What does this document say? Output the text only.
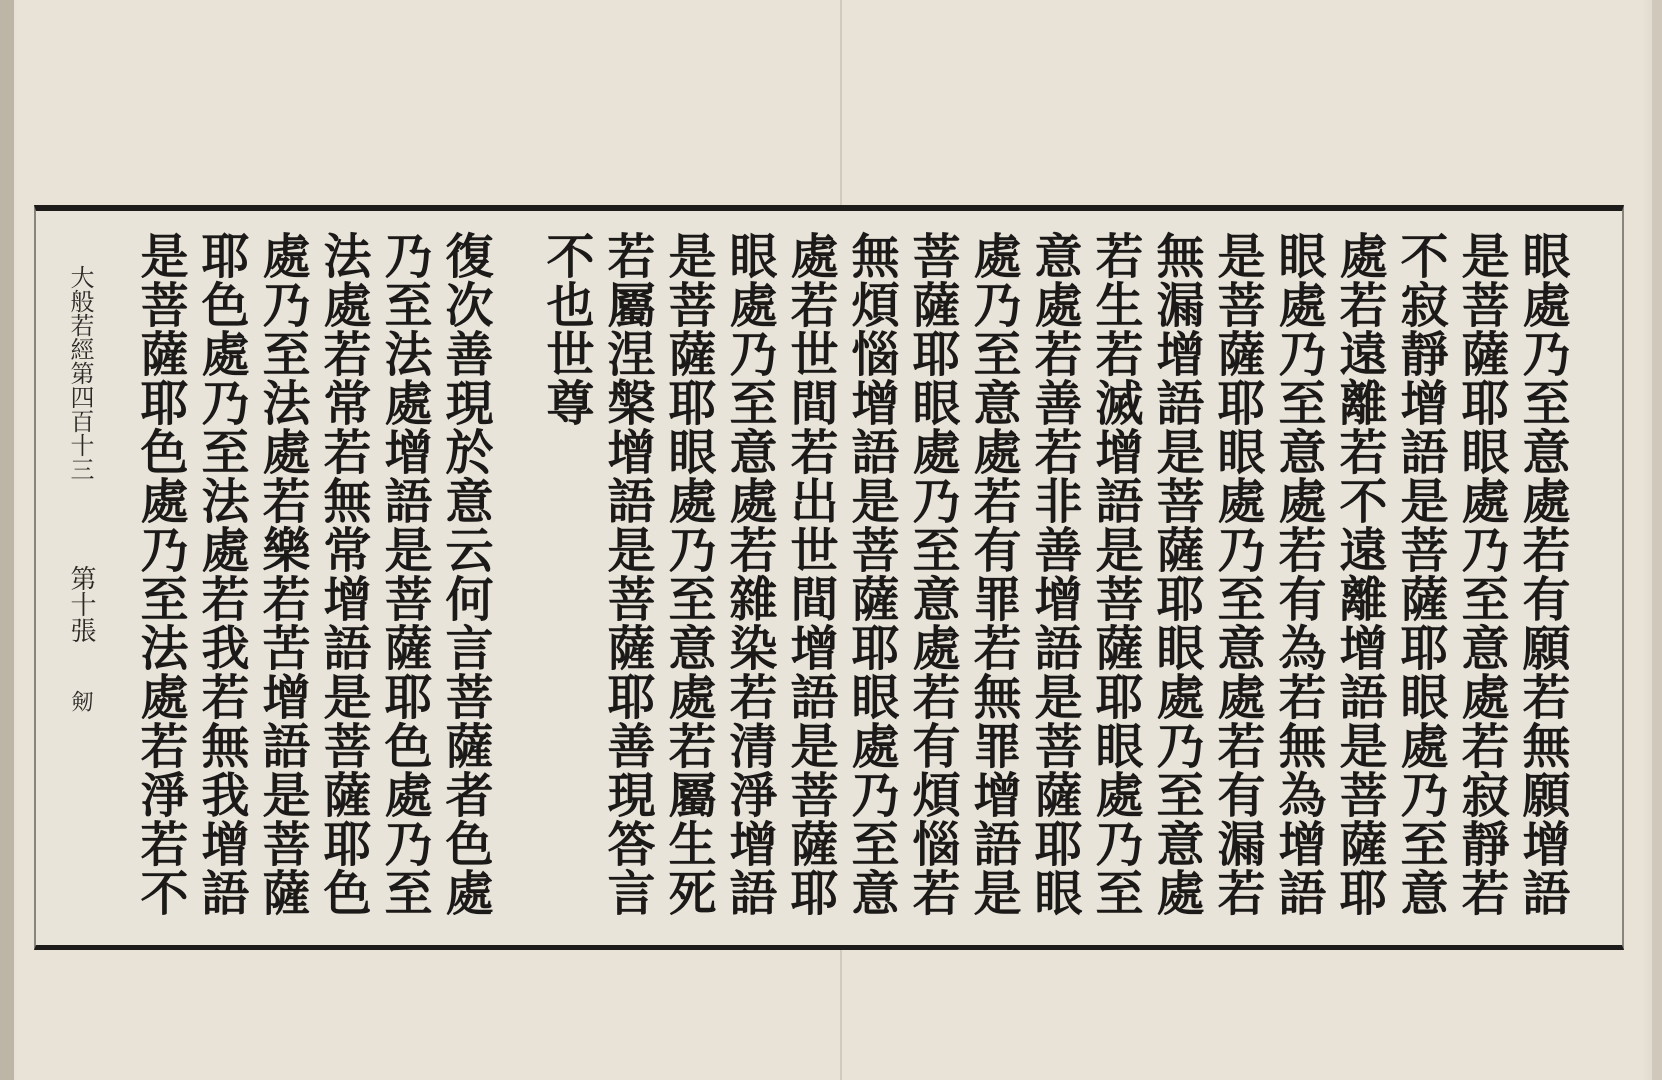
眼處乃至意處若有願若無願增語
是菩薩耶眼處乃至意處若寂靜若
不寂靜增語是菩薩耶眼處乃至意
處若遠離若不遠離增語是菩薩耶
眼處乃至意處若有為若無為增語
是菩薩耶眼處乃至意處若有漏若
無漏增語是菩薩耶眼處乃至意處
若生若滅增語是菩薩耶眼處乃至
意處若善若非善增語是菩薩耶眼
處乃至意處若有罪若無罪增語是
菩薩耶眼處乃至意處若有煩惱若
無煩惱增語是菩薩耶眼處乃至意
處若世間若出世間增語是菩薩耶
眼處乃至意處若雜染若清淨增語
是菩薩耶眼處乃至意處若屬生死
若屬涅槃增語是菩薩耶善現答言
不也世尊
復次善現於意云何言菩薩者色處
乃至法處增語是菩薩耶色處乃至
法處若常若無常增語是菩薩耶色
處乃至法處若樂若苦增語是菩薩
耶色處乃至法處若我若無我增語
是菩薩耶色處乃至法處若淨若不
大般若經第四百十三
第十張
剱
